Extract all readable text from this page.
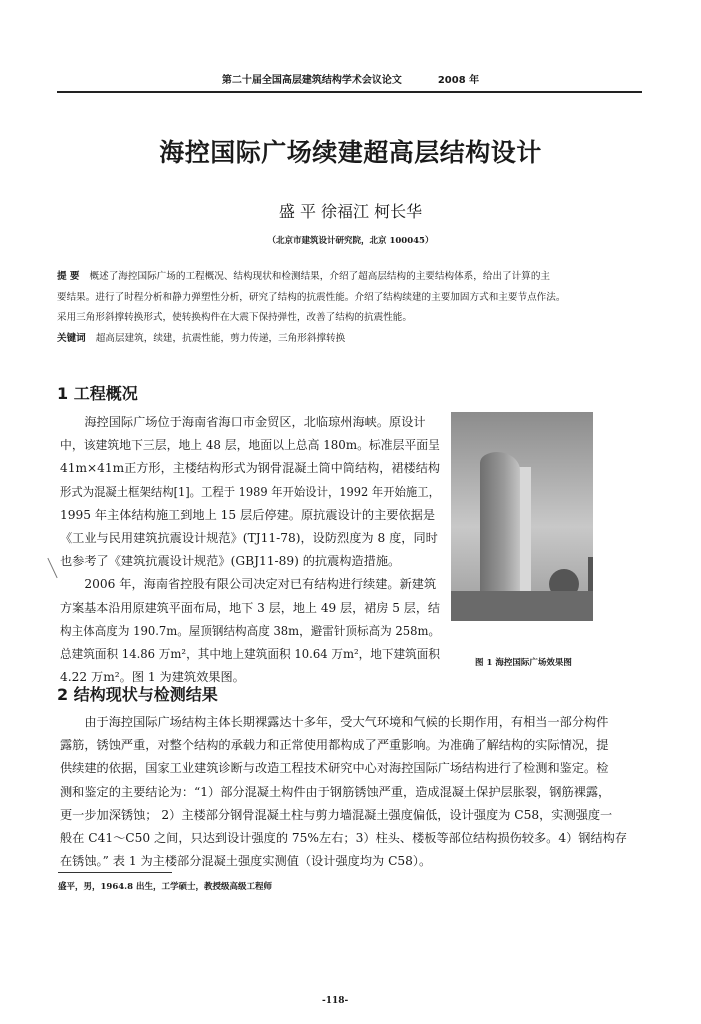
第二十届全国高层建筑结构学术会议论文	2008 年
海控国际广场续建超高层结构设计
盛 平 徐福江 柯长华
（北京市建筑设计研究院，北京 100045）
提 要 概述了海控国际广场的工程概况、结构现状和检测结果，介绍了超高层结构的主要结构体系，给出了计算的主
要结果。进行了时程分析和静力弹塑性分析，研究了结构的抗震性能。介绍了结构续建的主要加固方式和主要节点作法。
采用三角形斜撑转换形式，使转换构件在大震下保持弹性，改善了结构的抗震性能。
关键词 超高层建筑，续建，抗震性能，剪力传递，三角形斜撑转换
1 工程概况
　　海控国际广场位于海南省海口市金贸区，北临琼州海峡。原设计
中，该建筑地下三层，地上 48 层，地面以上总高 180m。标准层平面呈
41m×41m正方形，主楼结构形式为钢骨混凝土筒中筒结构，裙楼结构
形式为混凝土框架结构[1]。工程于 1989 年开始设计，1992 年开始施工，
1995 年主体结构施工到地上 15 层后停建。原抗震设计的主要依据是
《工业与民用建筑抗震设计规范》(TJ11-78)，设防烈度为 8 度，同时
也参考了《建筑抗震设计规范》(GBJ11-89) 的抗震构造措施。
　　2006 年，海南省控股有限公司决定对已有结构进行续建。新建筑
方案基本沿用原建筑平面布局，地下 3 层，地上 49 层，裙房 5 层，结
构主体高度为 190.7m。屋顶钢结构高度 38m，避雷针顶标高为 258m。
总建筑面积 14.86 万m²，其中地上建筑面积 10.64 万m²，地下建筑面积
4.22 万m²。图 1 为建筑效果图。
图 1 海控国际广场效果图
2 结构现状与检测结果
　　由于海控国际广场结构主体长期裸露达十多年，受大气环境和气候的长期作用，有相当一部分构件
露筋，锈蚀严重，对整个结构的承载力和正常使用都构成了严重影响。为准确了解结构的实际情况，提
供续建的依据，国家工业建筑诊断与改造工程技术研究中心对海控国际广场结构进行了检测和鉴定。检
测和鉴定的主要结论为：“1）部分混凝土构件由于钢筋锈蚀严重，造成混凝土保护层胀裂，钢筋裸露，
更一步加深锈蚀； 2）主楼部分钢骨混凝土柱与剪力墙混凝土强度偏低，设计强度为 C58，实测强度一
般在 C41～C50 之间，只达到设计强度的 75%左右；3）柱头、楼板等部位结构损伤较多。4）钢结构存
在锈蚀。” 表 1 为主楼部分混凝土强度实测值（设计强度均为 C58）。
盛平，男，1964.8 出生，工学硕士，教授级高级工程师
-118-
